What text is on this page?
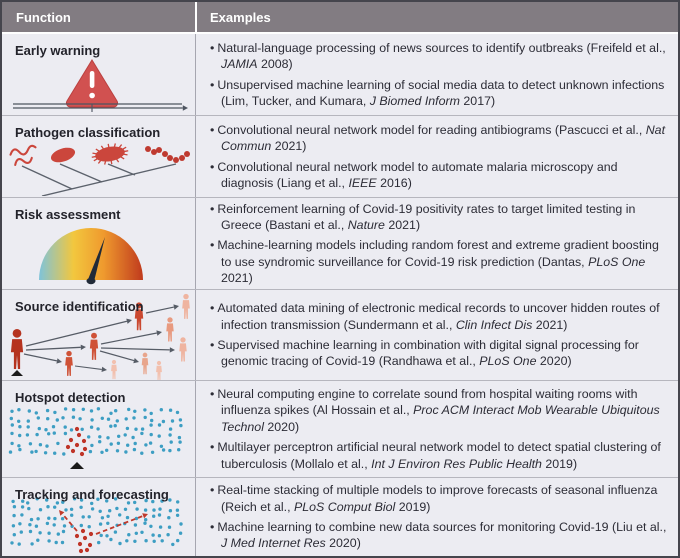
Function	Examples
Early warning	• Natural-language processing of news sources to identify outbreaks (Freifeld et al., JAMIA 2008)
• Unsupervised machine learning of social media data to detect unknown infections (Lim, Tucker, and Kumara, J Biomed Inform 2017)
Pathogen classification	• Convolutional neural network model for reading antibiograms (Pascucci et al., Nat Commun 2021)
• Convolutional neural network model to automate malaria microscopy and diagnosis (Liang et al., IEEE 2016)
Risk assessment	• Reinforcement learning of Covid-19 positivity rates to target limited testing in Greece (Bastani et al., Nature 2021)
• Machine-learning models including random forest and extreme gradient boosting to use syndromic surveillance for Covid-19 risk prediction (Dantas, PLoS One 2021)
Source identification	• Automated data mining of electronic medical records to uncover hidden routes of infection transmission (Sundermann et al., Clin Infect Dis 2021)
• Supervised machine learning in combination with digital signal processing for genomic tracing of Covid-19 (Randhawa et al., PLoS One 2020)
Hotspot detection	• Neural computing engine to correlate sound from hospital waiting rooms with influenza spikes (Al Hossain et al., Proc ACM Interact Mob Wearable Ubiquitous Technol 2020)
• Multilayer perceptron artificial neural network model to detect spatial clustering of tuberculosis (Mollalo et al., Int J Environ Res Public Health 2019)
Tracking and forecasting	• Real-time stacking of multiple models to improve forecasts of seasonal influenza (Reich et al., PLoS Comput Biol 2019)
• Machine learning to combine new data sources for monitoring Covid-19 (Liu et al., J Med Internet Res 2020)
